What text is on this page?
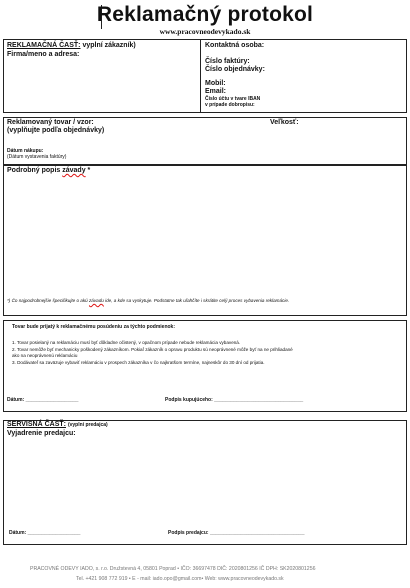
Reklamačný protokol
www.pracovneodevyk​ado.sk
REKLAMAČNÁ ČASŤ: vyplní zákazník)
Firma/meno a adresa:
Kontaktná osoba:
Číslo faktúry:
Číslo objednávky:
Mobil:
Email:
Číslo účtu v tvare IBAN
v prípade dobropisu:
Reklamovaný tovar / vzor:
(vyplňujte podľa objednávky)
Veľkosť:
Dátum nákupu:
(Dátum vystavenia faktúry)
Podrobný popis závady *
*) Čo najpodrobnejšie špecifikujte o akú závadu ide, a kde sa vyskytuje. Podstatne tak uľahčíte i skrátite celý proces vybavenia reklamácie.
Tovar bude prijatý k reklamačnému posúdeniu za týchto podmienok:
1. Tovar posielaný na reklamáciu musí byť dôkladne očistený, v opačnom prípade nebude reklamácia vybavená.
2. Tovar nemôže byť mechanicky poškodený zákazníkom. Pokiaľ zákazník o opravu produktu sú neoprávnené môže byť na ne prihliadané
ako na neoprávnenú reklamáciu
3. Dodávateľ sa zaväzuje vybaviť reklamáciu v prospech zákazníka v čo najkratšom termíne, najneskôr do 30 dní od prijatia.
Dátum: ___________________	Podpis kupujúceho: ________________________________
SERVISNÁ ČASŤ: (vyplní predajca)
Vyjadrenie predajcu:
Dátum: ___________________	Podpis predajcu: __________________________________
PRACOVNÉ ODEVY IADO, s. r.o. Družstevná 4, 05801 Poprad • IČO: 36697478 DIČ: 2020801256 IČ DPH: SK2020801256
Tel. +421 908 772 919 • E - mail: iado.opo@gmail.com• Web: www.pracovneodevyk​ado.sk
